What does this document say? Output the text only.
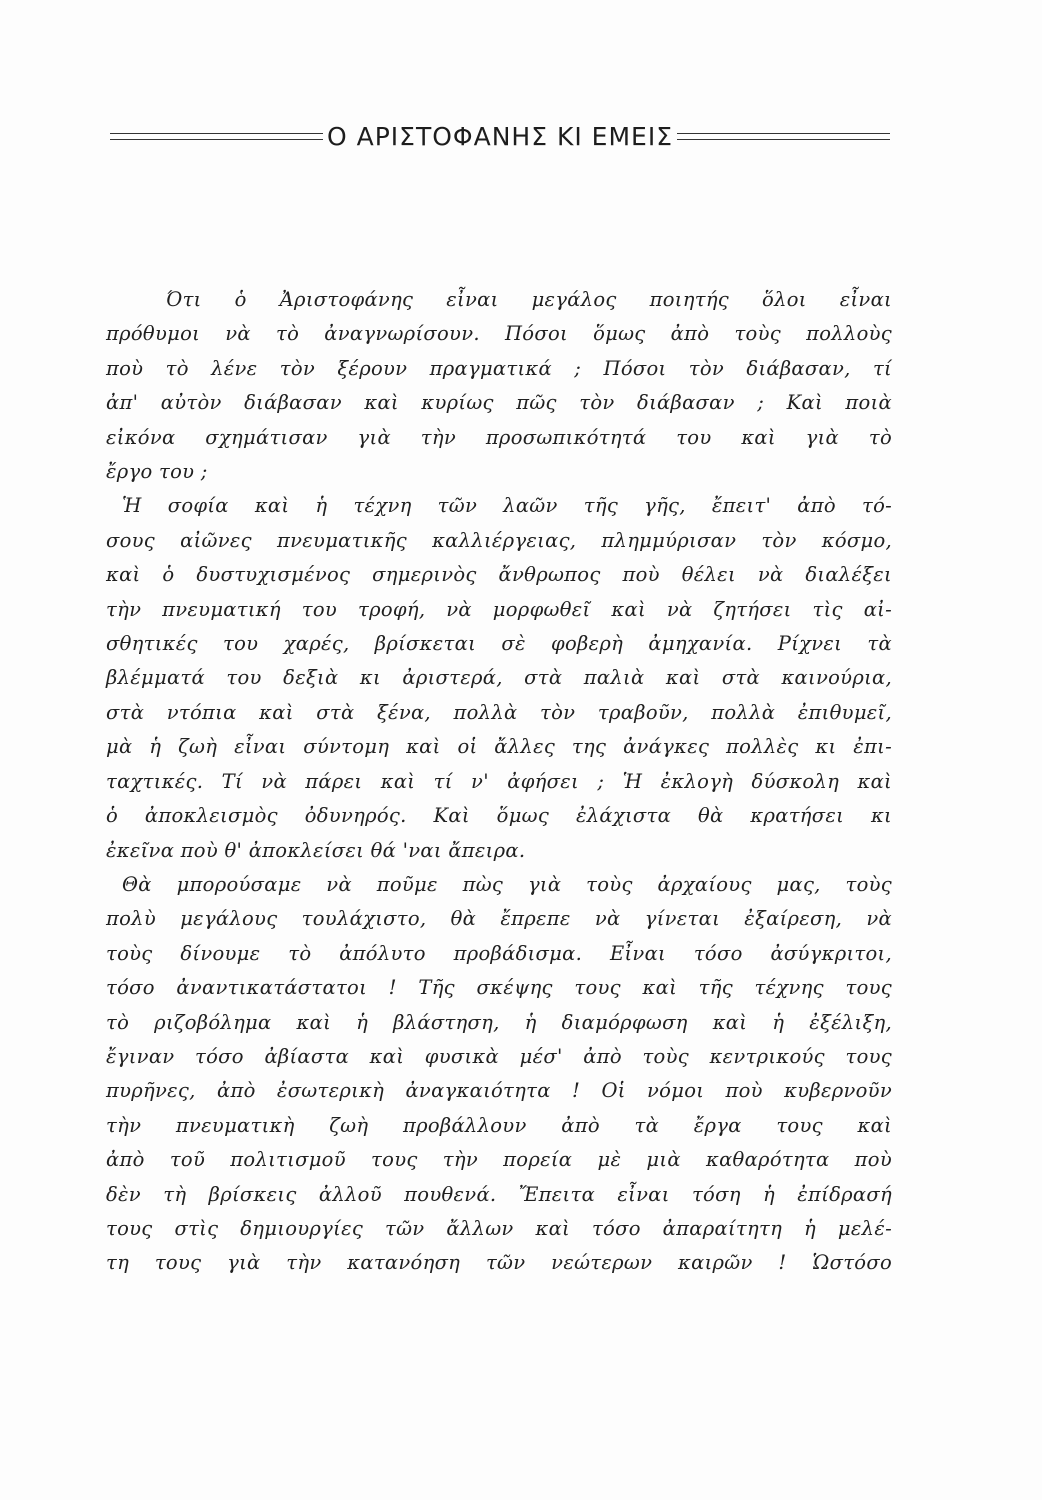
Ο ΑΡΙΣΤΟΦΑΝΗΣ ΚΙ ΕΜΕΙΣ

Ότι ὁ Ἀριστοφάνης εἶναι μεγάλος ποιητής ὅλοι εἶναι
πρόθυμοι νὰ τὸ ἀναγνωρίσουν. Πόσοι ὅμως ἀπὸ τοὺς πολλοὺς
ποὺ τὸ λένε τὸν ξέρουν πραγματικά ; Πόσοι τὸν διάβασαν, τί
ἀπ' αὐτὸν διάβασαν καὶ κυρίως πῶς τὸν διάβασαν ; Καὶ ποιὰ
εἰκόνα σχημάτισαν γιὰ τὴν προσωπικότητά του καὶ γιὰ τὸ
ἔργο του ;

Ἡ σοφία καὶ ἡ τέχνη τῶν λαῶν τῆς γῆς, ἔπειτ' ἀπὸ τό-
σους αἰῶνες πνευματικῆς καλλιέργειας, πλημμύρισαν τὸν κόσμο,
καὶ ὁ δυστυχισμένος σημερινὸς ἄνθρωπος ποὺ θέλει νὰ διαλέξει
τὴν πνευματική του τροφή, νὰ μορφωθεῖ καὶ νὰ ζητήσει τὶς αἰ-
σθητικές του χαρές, βρίσκεται σὲ φοβερὴ ἀμηχανία. Ρίχνει τὰ
βλέμματά του δεξιὰ κι ἀριστερά, στὰ παλιὰ καὶ στὰ καινούρια,
στὰ ντόπια καὶ στὰ ξένα, πολλὰ τὸν τραβοῦν, πολλὰ ἐπιθυμεῖ,
μὰ ἡ ζωὴ εἶναι σύντομη καὶ οἱ ἄλλες της ἀνάγκες πολλὲς κι ἐπι-
ταχτικές. Τί νὰ πάρει καὶ τί ν' ἀφήσει ; Ἡ ἐκλογὴ δύσκολη καὶ
ὁ ἀποκλεισμὸς ὀδυνηρός. Καὶ ὅμως ἐλάχιστα θὰ κρατήσει κι
ἐκεῖνα ποὺ θ' ἀποκλείσει θά 'ναι ἄπειρα.

Θὰ μπορούσαμε νὰ ποῦμε πὼς γιὰ τοὺς ἀρχαίους μας, τοὺς
πολὺ μεγάλους τουλάχιστο, θὰ ἔπρεπε νὰ γίνεται ἐξαίρεση, νὰ
τοὺς δίνουμε τὸ ἀπόλυτο προβάδισμα. Εἶναι τόσο ἀσύγκριτοι,
τόσο ἀναντικατάστατοι ! Τῆς σκέψης τους καὶ τῆς τέχνης τους
τὸ ριζοβόλημα καὶ ἡ βλάστηση, ἡ διαμόρφωση καὶ ἡ ἐξέλιξη,
ἔγιναν τόσο ἀβίαστα καὶ φυσικὰ μέσ' ἀπὸ τοὺς κεντρικούς τους
πυρῆνες, ἀπὸ ἐσωτερικὴ ἀναγκαιότητα ! Οἱ νόμοι ποὺ κυβερνοῦν
τὴν πνευματικὴ ζωὴ προβάλλουν ἀπὸ τὰ ἔργα τους καὶ
ἀπὸ τοῦ πολιτισμοῦ τους τὴν πορεία μὲ μιὰ καθαρότητα ποὺ
δὲν τὴ βρίσκεις ἀλλοῦ πουθενά. Ἔπειτα εἶναι τόση ἡ ἐπίδρασή
τους στὶς δημιουργίες τῶν ἄλλων καὶ τόσο ἀπαραίτητη ἡ μελέ-
τη τους γιὰ τὴν κατανόηση τῶν νεώτερων καιρῶν ! Ὡστόσο
